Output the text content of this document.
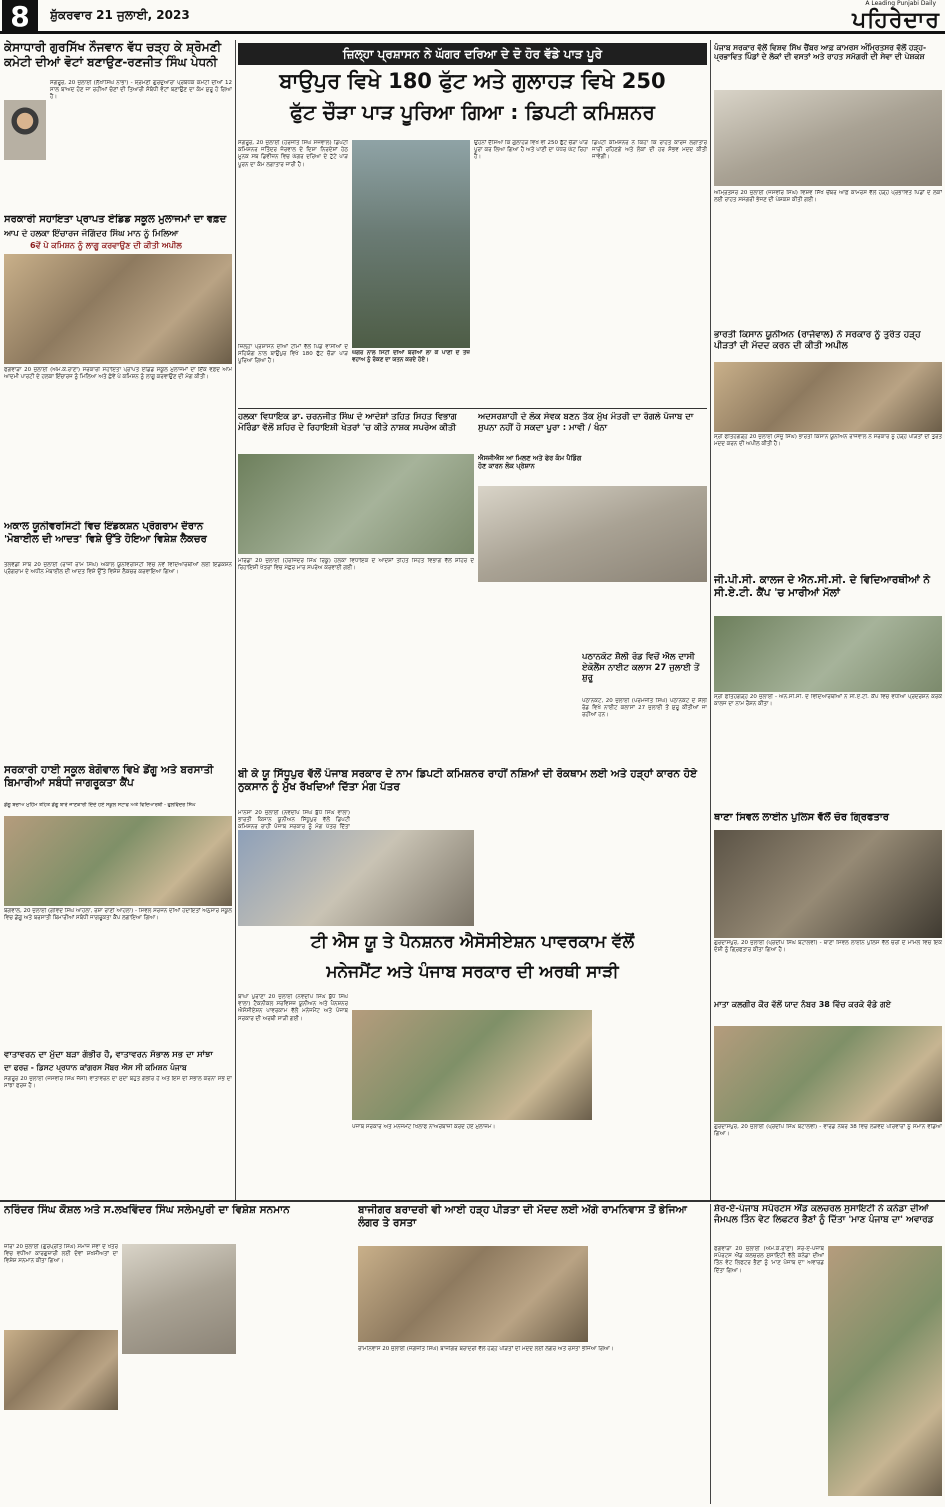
8	ਸ਼ੁੱਕਰਵਾਰ 21 ਜੁਲਾਈ, 2023
A Leading Punjabi Daily
ਪਹਿਰੇਦਾਰ
ਕੇਸਾਧਾਰੀ ਗੁਰਸਿੱਖ ਨੌਜਵਾਨ ਵੱਧ ਚੜ੍ਹ ਕੇ ਸ਼੍ਰੋਮਣੀ ਕਮੇਟੀ ਦੀਆਂ ਵੋਟਾਂ ਬਣਾਉਣ-ਰਣਜੀਤ ਸਿੰਘ ਪੇਧਨੀ
ਸੰਗਰੂਰ, 20 ਜੁਲਾਈ (ਲੱਖਾਸਿੰਘ ਨਾਭਾ) - ਸ਼੍ਰੋਮਣੀ ਗੁਰਦੁਆਰਾ ਪ੍ਰਬੰਧਕ ਕਮੇਟੀ ਦੀਆਂ 12 ਸਾਲ ਬਾਅਦ ਹੋਣ ਜਾ ਰਹੀਆਂ ਚੋਣਾਂ ਦੀ ਤਿਆਰੀ ਸੰਬੰਧੀ ਵੋਟਾਂ ਬਣਾਉਣ ਦਾ ਕੰਮ ਸ਼ੁਰੂ ਹੋ ਗਿਆ ਹੈ।
ਸਰਕਾਰੀ ਸਹਾਇਤਾ ਪ੍ਰਾਪਤ ਏਡਿਡ ਸਕੂਲ ਮੁਲਾਜਮਾਂ ਦਾ ਵਫ਼ਦ
ਆਪ ਦੇ ਹਲਕਾ ਇੰਚਾਰਜ ਜੋਗਿੰਦਰ ਸਿੰਘ ਮਾਨ ਨੂੰ ਮਿਲਿਆ
6ਵੇਂ ਪੇ ਕਮਿਸ਼ਨ ਨੂੰ ਲਾਗੂ ਕਰਵਾਉਣ ਦੀ ਕੀਤੀ ਅਪੀਲ
ਫਗਵਾੜਾ 20 ਜੁਲਾਈ (ਐਮ.ਕੇ.ਰਾਣਾ) ਸਰਕਾਰੀ ਸਹਾਇਤਾ ਪ੍ਰਾਪਤ ਏਡਿਡ ਸਕੂਲ ਮੁਲਾਜਮਾਂ ਦਾ ਇੱਕ ਵਫ਼ਦ ਆਮ ਆਦਮੀ ਪਾਰਟੀ ਦੇ ਹਲਕਾ ਇੰਚਾਰਜ ਨੂੰ ਮਿਲਿਆ ਅਤੇ ਛੇਵੇਂ ਪੇ ਕਮਿਸ਼ਨ ਨੂੰ ਲਾਗੂ ਕਰਵਾਉਣ ਦੀ ਮੰਗ ਕੀਤੀ।
ਅਕਾਲ ਯੂਨੀਵਰਸਿਟੀ ਵਿਚ ਇੰਡਕਸ਼ਨ ਪ੍ਰੋਗਰਾਮ ਦੌਰਾਨ 'ਮੋਬਾਈਲ ਦੀ ਆਦਤ' ਵਿਸ਼ੇ ਉੱਤੇ ਹੋਇਆ ਵਿਸ਼ੇਸ਼ ਲੈਕਚਰ
ਤਲਵੰਡੀ ਸਾਬੋ 20 ਜੁਲਾਈ (ਰਾਜੀ ਰਾਮ ਸਿੰਘ) ਅਕਾਲ ਯੂਨੀਵਰਸਿਟੀ ਵਿਚ ਨਵੇਂ ਵਿਦਿਆਰਥੀਆਂ ਲਈ ਇੰਡਕਸ਼ਨ ਪ੍ਰੋਗਰਾਮ ਦੇ ਅਧੀਨ ਮੋਬਾਈਲ ਦੀ ਆਦਤ ਵਿਸ਼ੇ ਉੱਤੇ ਵਿਸ਼ੇਸ਼ ਲੈਕਚਰ ਕਰਵਾਇਆ ਗਿਆ।
ਸਰਕਾਰੀ ਹਾਈ ਸਕੂਲ ਬੇਗੋਵਾਲ ਵਿਖੇ ਡੇਂਗੂ ਅਤੇ ਬਰਸਾਤੀ ਬਿਮਾਰੀਆਂ ਸਬੰਧੀ ਜਾਗਰੂਕਤਾ ਕੈਂਪ
ਡੇਂਗੂ ਬਚਾਅ ਮੁਹਿੰਮ ਤਹਿਤ ਡੇਂਗੂ ਬਾਰੇ ਜਾਣਕਾਰੀ ਦਿੰਦੇ ਹੋਏ ਸਕੂਲ ਸਟਾਫ ਅਤੇ ਵਿਦਿਆਰਥੀ - ਫੁਲਵਿੰਦਰ ਸਿੰਘ
ਬੇਗੋਵਾਲ, 20 ਜੁਲਾਈ (ਗੋਵਿੰਦ ਸਿੰਘ ਆਹਲਾ, ਰੋਸ਼ਾ ਰਾਣੀ ਆਹਲਾ) - ਸਿਵਲ ਸਰਜਨ ਦੀਆਂ ਹਦਾਇਤਾਂ ਅਨੁਸਾਰ ਸਕੂਲ ਵਿਚ ਡੇਂਗੂ ਅਤੇ ਬਰਸਾਤੀ ਬਿਮਾਰੀਆਂ ਸਬੰਧੀ ਜਾਗਰੂਕਤਾ ਕੈਂਪ ਲਗਾਇਆ ਗਿਆ।
ਵਾਤਾਵਰਨ ਦਾ ਮੁੱਦਾ ਬੜਾ ਗੰਭੀਰ ਹੈ, ਵਾਤਾਵਰਨ ਸੰਭਾਲ ਸਭ ਦਾ ਸਾਂਝਾ
ਦਾ ਫਰਜ਼ - ਡਿਸਟ ਪ੍ਰਧਾਨ ਕਾਂਗਰਸ ਮੈਂਬਰ ਐਸ ਸੀ ਕਮਿਸ਼ਨ ਪੰਜਾਬ
ਸੰਗਰੂਰ 20 ਜੁਲਾਈ (ਜਸਵੀਰ ਸਿੰਘ ਜੱਸੀ) ਵਾਤਾਵਰਨ ਦਾ ਮੁੱਦਾ ਬਹੁਤ ਗੰਭੀਰ ਹੈ ਅਤੇ ਇਸ ਦੀ ਸੰਭਾਲ ਕਰਨਾ ਸਭ ਦਾ ਸਾਂਝਾ ਫਰਜ਼ ਹੈ।
ਜ਼ਿਲ੍ਹਾ ਪ੍ਰਸ਼ਾਸਨ ਨੇ ਘੱਗਰ ਦਰਿਆ ਦੇ ਦੋ ਹੋਰ ਵੱਡੇ ਪਾੜ ਪੂਰੇ
ਬਾਉਪੁਰ ਵਿਖੇ 180 ਫੁੱਟ ਅਤੇ ਗੁਲਾਹੜ ਵਿਖੇ 250
ਫੁੱਟ ਚੌੜਾ ਪਾੜ ਪੂਰਿਆ ਗਿਆ : ਡਿਪਟੀ ਕਮਿਸ਼ਨਰ
ਸੰਗਰੂਰ, 20 ਜੁਲਾਈ (ਹਰਜੀਤ ਸਿੰਘ ਸਜਵਾਲ) ਡਿਪਟੀ ਕਮਿਸ਼ਨਰ ਜਤਿੰਦਰ ਜੋਰਵਾਲ ਦੇ ਦਿਸ਼ਾ ਨਿਰਦੇਸ਼ਾਂ ਹੇਠ ਮੂਨਕ ਸਬ ਡਿਵੀਜ਼ਨ ਵਿਚ ਘੱਗਰ ਦਰਿਆ ਦੇ ਟੁੱਟੇ ਪਾੜ ਪੂਰਨ ਦਾ ਕੰਮ ਲਗਾਤਾਰ ਜਾਰੀ ਹੈ।
ਜ਼ਿਲ੍ਹਾ ਪ੍ਰਸ਼ਾਸਨ ਦੀਆਂ ਟੀਮਾਂ ਵੱਲੋਂ ਪਿੰਡ ਵਾਸੀਆਂ ਦੇ ਸਹਿਯੋਗ ਨਾਲ ਬਾਉਪੁਰ ਵਿਖੇ 180 ਫੁੱਟ ਚੌੜਾ ਪਾੜ ਪੂਰਿਆ ਗਿਆ ਹੈ।
ਘੱਗਰ ਨਾਲ ਮਿੱਟੀ ਦੀਆਂ ਬੋਰੀਆਂ ਲਾ ਕੇ ਪਾਣੀ ਦੇ ਤੇਜ਼ ਵਹਾਅ ਨੂੰ ਰੋਕਣ ਦਾ ਯਤਨ ਕਰਦੇ ਹੋਏ।
ਉਹਨਾਂ ਦੱਸਿਆ ਕਿ ਗੁਲਾਹੜ ਵਿਖੇ ਵੀ 250 ਫੁੱਟ ਚੌੜਾ ਪਾੜ ਪੂਰਾ ਕਰ ਲਿਆ ਗਿਆ ਹੈ ਅਤੇ ਪਾਣੀ ਦਾ ਪੱਧਰ ਘੱਟ ਰਿਹਾ ਹੈ।
ਡਿਪਟੀ ਕਮਿਸ਼ਨਰ ਨੇ ਕਿਹਾ ਕਿ ਰਾਹਤ ਕਾਰਜ ਲਗਾਤਾਰ ਜਾਰੀ ਰਹਿਣਗੇ ਅਤੇ ਲੋਕਾਂ ਦੀ ਹਰ ਸੰਭਵ ਮਦਦ ਕੀਤੀ ਜਾਵੇਗੀ।
ਹਲਕਾ ਵਿਧਾਇਕ ਡਾ. ਚਰਨਜੀਤ ਸਿੰਘ ਦੇ ਆਦੇਸ਼ਾਂ ਤਹਿਤ ਸਿਹਤ ਵਿਭਾਗ ਮੋਰਿੰਡਾ ਵੱਲੋਂ ਸ਼ਹਿਰ ਦੇ ਰਿਹਾਇਸ਼ੀ ਖੇਤਰਾਂ 'ਚ ਕੀਤੇ ਨਾਸ਼ਕ ਸਪਰੇਅ ਕੀਤੀ
ਮੋਰਿੰਡਾ 20 ਜੁਲਾਈ (ਹਰਜਿੰਦਰ ਸਿੰਘ ਰਿੰਕੂ) ਹਲਕਾ ਵਿਧਾਇਕ ਦੇ ਆਦੇਸ਼ਾਂ ਤਹਿਤ ਸਿਹਤ ਵਿਭਾਗ ਵੱਲੋਂ ਸ਼ਹਿਰ ਦੇ ਰਿਹਾਇਸ਼ੀ ਖੇਤਰਾਂ ਵਿਚ ਮੱਛਰ ਮਾਰ ਸਪਰੇਅ ਕਰਵਾਈ ਗਈ।
ਅਦਸਰਸ਼ਾਹੀ ਦੇ ਲੋਕ ਸੇਵਕ ਬਣਨ ਤੱਕ ਮੁੱਖ ਮੰਤਰੀ ਦਾ ਰੰਗਲੇ ਪੰਜਾਬ ਦਾ ਸੁਪਨਾ ਨਹੀਂ ਹੋ ਸਕਦਾ ਪੂਰਾ : ਮਾਵੀ / ਖੰਨਾ
ਐਸਜੀਐਸ ਆ ਮਿਲਣ ਅਤੇ ਫੇਰ ਕੰਮ ਪੈਡਿੰਗ ਹੋਣ ਕਾਰਨ ਲੋਕ ਪ੍ਰੇਸ਼ਾਨ
ਬੀ ਕੇ ਯੂ ਸਿੱਧੂਪੁਰ ਵੱਲੋਂ ਪੰਜਾਬ ਸਰਕਾਰ ਦੇ ਨਾਮ ਡਿਪਟੀ ਕਮਿਸ਼ਨਰ ਰਾਹੀਂ ਨਸ਼ਿਆਂ ਦੀ ਰੋਕਥਾਮ ਲਈ ਅਤੇ ਹੜ੍ਹਾਂ ਕਾਰਨ ਹੋਏ ਨੁਕਸਾਨ ਨੂੰ ਮੁੱਖ ਰੱਖਦਿਆਂ ਦਿੱਤਾ ਮੰਗ ਪੱਤਰ
ਮਾਨਸਾ 20 ਜੁਲਾਈ (ਨਵਦੀਪ ਸਿੰਘ ਬੁੱਧ ਸਿੰਘ ਵਾਲਾ) ਭਾਰਤੀ ਕਿਸਾਨ ਯੂਨੀਅਨ ਸਿੱਧੂਪੁਰ ਵੱਲੋਂ ਡਿਪਟੀ ਕਮਿਸ਼ਨਰ ਰਾਹੀਂ ਪੰਜਾਬ ਸਰਕਾਰ ਨੂੰ ਮੰਗ ਪੱਤਰ ਦਿੱਤਾ
ਪਠਾਨਕੋਟ ਸ਼ੈਲੀ ਰੋਡ ਵਿਚੋਂ ਐਲ ਦਾਸੀ ਏਕੋਲੈਂਸ ਨਾਈਟ ਕਲਾਸ 27 ਜੁਲਾਈ ਤੋਂ ਸ਼ੁਰੂ
ਪਠਾਨਕੋਟ, 20 ਜੁਲਾਈ (ਪਰਮਜੀਤ ਸਿੰਘ) ਪਠਾਨਕੋਟ ਦੇ ਸ਼ੈਲੀ ਰੋਡ ਵਿਖੇ ਨਾਈਟ ਕਲਾਸਾਂ 27 ਜੁਲਾਈ ਤੋਂ ਸ਼ੁਰੂ ਕੀਤੀਆਂ ਜਾ ਰਹੀਆਂ ਹਨ।
ਟੀ ਐਸ ਯੂ ਤੇ ਪੈਨਸ਼ਨਰ ਐਸੋਸੀਏਸ਼ਨ ਪਾਵਰਕਾਮ ਵੱਲੋਂ
ਮਨੇਜਮੈਂਟ ਅਤੇ ਪੰਜਾਬ ਸਰਕਾਰ ਦੀ ਅਰਥੀ ਸਾੜੀ
ਬਾਘਾ ਪੁਰਾਣਾ 20 ਜੁਲਾਈ (ਨਵਦੀਪ ਸਿੰਘ ਬੁੱਧ ਸਿੰਘ ਵਾਲਾ) ਟੈਕਨੀਕਲ ਸਰਵਿਸਜ਼ ਯੂਨੀਅਨ ਅਤੇ ਪੈਨਸ਼ਨਰ ਐਸੋਸੀਏਸ਼ਨ ਪਾਵਰਕਾਮ ਵੱਲੋਂ ਮਨੇਜਮੈਂਟ ਅਤੇ ਪੰਜਾਬ ਸਰਕਾਰ ਦੀ ਅਰਥੀ ਸਾੜੀ ਗਈ।
ਪੰਜਾਬ ਸਰਕਾਰ ਅਤੇ ਮਨੇਜਮੈਂਟ ਖਿਲਾਫ ਨਾਅਰੇਬਾਜ਼ੀ ਕਰਦੇ ਹੋਏ ਮੁਲਾਜ਼ਮ।
ਪੰਜਾਬ ਸਰਕਾਰ ਵੱਲੋਂ ਵਿਸ਼ਵ ਸਿੱਖ ਚੈਂਬਰ ਆਫ਼ ਕਾਮਰਸ ਅੰਮ੍ਰਿਤਸਰ ਵੱਲੋਂ ਹੜ੍ਹ-ਪ੍ਰਭਾਵਿਤ ਪਿੰਡਾਂ ਦੇ ਲੋਕਾਂ ਦੀ ਵਸਤਾਂ ਅਤੇ ਰਾਹਤ ਸਮੱਗਰੀ ਦੀ ਸੇਵਾ ਦੀ ਪੇਸ਼ਕਸ਼
ਅੰਮ੍ਰਿਤਸਰ 20 ਜੁਲਾਈ (ਜਸਵੀਰ ਸਿੰਘ) ਵਿਸ਼ਵ ਸਿੱਖ ਚੈਂਬਰ ਆਫ਼ ਕਾਮਰਸ ਵੱਲੋਂ ਹੜ੍ਹ ਪ੍ਰਭਾਵਿਤ ਪਿੰਡਾਂ ਦੇ ਲੋਕਾਂ ਲਈ ਰਾਹਤ ਸਮੱਗਰੀ ਭੇਜਣ ਦੀ ਪੇਸ਼ਕਸ਼ ਕੀਤੀ ਗਈ।
ਭਾਰਤੀ ਕਿਸਾਨ ਯੂਨੀਅਨ (ਰਾਜੇਵਾਲ) ਨੇ ਸਰਕਾਰ ਨੂੰ ਤੁਰੰਤ ਹੜ੍ਹ ਪੀੜਤਾਂ ਦੀ ਮੱਦਦ ਕਰਨ ਦੀ ਕੀਤੀ ਅਪੀਲ
ਸ੍ਰੀ ਫਤਿਹਗੜ੍ਹ 20 ਜੁਲਾਈ (ਸੰਜੂ ਸਿੰਘ) ਭਾਰਤੀ ਕਿਸਾਨ ਯੂਨੀਅਨ ਰਾਜੇਵਾਲ ਨੇ ਸਰਕਾਰ ਨੂੰ ਹੜ੍ਹ ਪੀੜਤਾਂ ਦੀ ਤੁਰੰਤ ਮਦਦ ਕਰਨ ਦੀ ਅਪੀਲ ਕੀਤੀ ਹੈ।
ਜੀ.ਪੀ.ਸੀ. ਕਾਲਜ ਦੇ ਐਨ.ਸੀ.ਸੀ. ਦੇ ਵਿਦਿਆਰਥੀਆਂ ਨੇ ਸੀ.ਏ.ਟੀ. ਕੈਂਪ 'ਚ ਮਾਰੀਆਂ ਮੱਲਾਂ
ਸ੍ਰੀ ਫਤਿਹਗੜ੍ਹ 20 ਜੁਲਾਈ - ਐਨ.ਸੀ.ਸੀ. ਦੇ ਵਿਦਿਆਰਥੀਆਂ ਨੇ ਸੀ.ਏ.ਟੀ. ਕੈਂਪ ਵਿਚ ਵਧੀਆ ਪ੍ਰਦਰਸ਼ਨ ਕਰਕੇ ਕਾਲਜ ਦਾ ਨਾਮ ਰੌਸ਼ਨ ਕੀਤਾ।
ਥਾਣਾ ਸਿਵਲ ਲਾਈਨ ਪੁਲਿਸ ਵੱਲੋਂ ਚੋਰ ਗ੍ਰਿਫਤਾਰ
ਗੁਰਦਾਸਪੁਰ, 20 ਜੁਲਾਈ (ਪ੍ਰਦੀਪ ਸਿੰਘ ਬਟਾਲਵੀ) - ਥਾਣਾ ਸਿਵਲ ਲਾਈਨ ਪੁਲਿਸ ਵੱਲੋਂ ਚੋਰੀ ਦੇ ਮਾਮਲੇ ਵਿਚ ਇਕ ਦੋਸ਼ੀ ਨੂੰ ਗ੍ਰਿਫਤਾਰ ਕੀਤਾ ਗਿਆ ਹੈ।
ਮਾਤਾ ਕਲਗੀਰ ਕੌਰ ਵੱਲੋਂ ਯਾਦ ਨੰਬਰ 38 ਵਿੱਚ ਕਰਕੇ ਵੰਡੇ ਗਏ
ਗੁਰਦਾਸਪੁਰ, 20 ਜੁਲਾਈ (ਪ੍ਰਦੀਪ ਸਿੰਘ ਬਟਾਲਵੀ) - ਵਾਰਡ ਨੰਬਰ 38 ਵਿਚ ਲੋੜਵੰਦ ਪਰਿਵਾਰਾਂ ਨੂੰ ਸਮਾਨ ਵੰਡਿਆ ਗਿਆ।
ਨਰਿੰਦਰ ਸਿੰਘ ਕੌਸ਼ਲ ਅਤੇ ਸ.ਲਖਵਿੰਦਰ ਸਿੰਘ ਸਲੇਮਪੁਰੀ ਦਾ ਵਿਸ਼ੇਸ਼ ਸਨਮਾਨ
ਜ਼ੀਰਾ 20 ਜੁਲਾਈ (ਗੁਰਪ੍ਰੀਤ ਸਿੰਘ) ਸਮਾਜ ਸੇਵਾ ਦੇ ਖੇਤਰ ਵਿਚ ਵਧੀਆ ਕਾਰਗੁਜ਼ਾਰੀ ਲਈ ਦੋਵਾਂ ਸ਼ਖਸੀਅਤਾਂ ਦਾ ਵਿਸ਼ੇਸ਼ ਸਨਮਾਨ ਕੀਤਾ ਗਿਆ।
ਬਾਜੀਗਰ ਬਰਾਦਰੀ ਵੀ ਆਈ ਹੜ੍ਹ ਪੀੜਤਾ ਦੀ ਮੱਦਦ ਲਈ ਅੱਗੇ ਰਾਮਨਿਵਾਸ ਤੋਂ ਭੇਜਿਆ ਲੰਗਰ ਤੇ ਰਸਤਾ
ਰਾਮਨਿਵਾਸ 20 ਜੁਲਾਈ (ਜਗਜੀਤ ਸਿੰਘ) ਬਾਜੀਗਰ ਬਰਾਦਰੀ ਵੱਲੋਂ ਹੜ੍ਹ ਪੀੜਤਾਂ ਦੀ ਮਦਦ ਲਈ ਲੰਗਰ ਅਤੇ ਰਸਤਾ ਭੇਜਿਆ ਗਿਆ।
ਸ਼ੇਰ-ਏ-ਪੰਜਾਬ ਸਪੋਰਟਸ ਐਂਡ ਕਲਚਰਲ ਸੁਸਾਇਟੀ ਨੇ ਕਨੇਡਾ ਦੀਆਂ ਜੰਮਪਲ ਤਿੰਨ ਵੇਟ ਲਿਫਟਰ ਭੈਣਾਂ ਨੂੰ ਦਿੱਤਾ 'ਮਾਣ ਪੰਜਾਬ ਦਾ' ਅਵਾਰਡ
ਫਗਵਾੜਾ 20 ਜੁਲਾਈ (ਐਮ.ਕੇ.ਰਾਣਾ) ਸ਼ੇਰ-ਏ-ਪੰਜਾਬ ਸਪੋਰਟਸ ਐਂਡ ਕਲਚਰਲ ਸੁਸਾਇਟੀ ਵੱਲੋਂ ਕਨੇਡਾ ਦੀਆਂ ਤਿੰਨ ਵੇਟ ਲਿਫਟਰ ਭੈਣਾਂ ਨੂੰ 'ਮਾਣ ਪੰਜਾਬ ਦਾ' ਅਵਾਰਡ ਦਿੱਤਾ ਗਿਆ।
